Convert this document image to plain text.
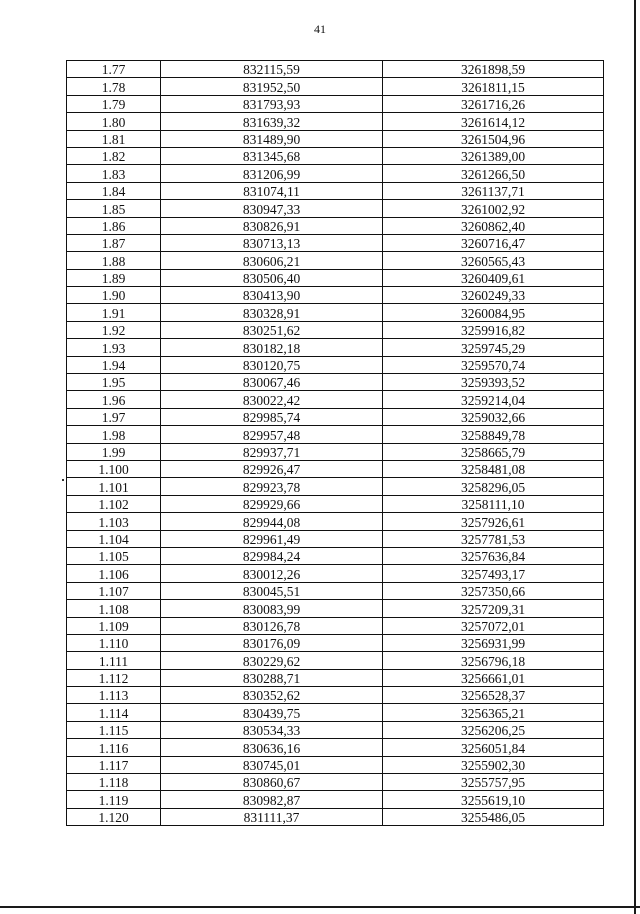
41
1.77	832115,59	3261898,59
1.78	831952,50	3261811,15
1.79	831793,93	3261716,26
1.80	831639,32	3261614,12
1.81	831489,90	3261504,96
1.82	831345,68	3261389,00
1.83	831206,99	3261266,50
1.84	831074,11	3261137,71
1.85	830947,33	3261002,92
1.86	830826,91	3260862,40
1.87	830713,13	3260716,47
1.88	830606,21	3260565,43
1.89	830506,40	3260409,61
1.90	830413,90	3260249,33
1.91	830328,91	3260084,95
1.92	830251,62	3259916,82
1.93	830182,18	3259745,29
1.94	830120,75	3259570,74
1.95	830067,46	3259393,52
1.96	830022,42	3259214,04
1.97	829985,74	3259032,66
1.98	829957,48	3258849,78
1.99	829937,71	3258665,79
1.100	829926,47	3258481,08
1.101	829923,78	3258296,05
1.102	829929,66	3258111,10
1.103	829944,08	3257926,61
1.104	829961,49	3257781,53
1.105	829984,24	3257636,84
1.106	830012,26	3257493,17
1.107	830045,51	3257350,66
1.108	830083,99	3257209,31
1.109	830126,78	3257072,01
1.110	830176,09	3256931,99
1.111	830229,62	3256796,18
1.112	830288,71	3256661,01
1.113	830352,62	3256528,37
1.114	830439,75	3256365,21
1.115	830534,33	3256206,25
1.116	830636,16	3256051,84
1.117	830745,01	3255902,30
1.118	830860,67	3255757,95
1.119	830982,87	3255619,10
1.120	831111,37	3255486,05
